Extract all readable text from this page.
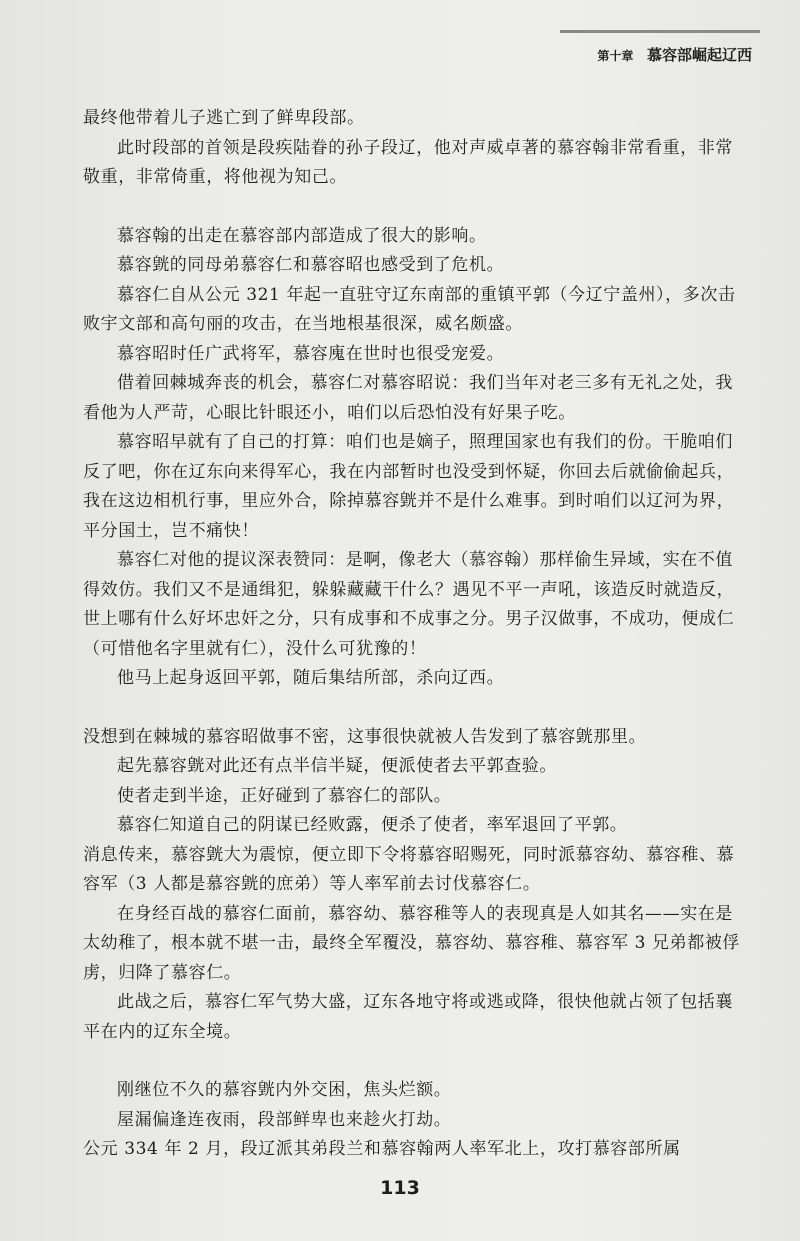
第十章 慕容部崛起辽西

最终他带着儿子逃亡到了鲜卑段部。

此时段部的首领是段疾陆眷的孙子段辽，他对声威卓著的慕容翰非常看重，非常敬重，非常倚重，将他视为知己。

慕容翰的出走在慕容部内部造成了很大的影响。

慕容皝的同母弟慕容仁和慕容昭也感受到了危机。

慕容仁自从公元 321 年起一直驻守辽东南部的重镇平郭（今辽宁盖州），多次击败宇文部和高句丽的攻击，在当地根基很深，威名颇盛。

慕容昭时任广武将军，慕容廆在世时也很受宠爱。

借着回棘城奔丧的机会，慕容仁对慕容昭说：我们当年对老三多有无礼之处，我看他为人严苛，心眼比针眼还小，咱们以后恐怕没有好果子吃。

慕容昭早就有了自己的打算：咱们也是嫡子，照理国家也有我们的份。干脆咱们反了吧，你在辽东向来得军心，我在内部暂时也没受到怀疑，你回去后就偷偷起兵，我在这边相机行事，里应外合，除掉慕容皝并不是什么难事。到时咱们以辽河为界，平分国土，岂不痛快！

慕容仁对他的提议深表赞同：是啊，像老大（慕容翰）那样偷生异域，实在不值得效仿。我们又不是通缉犯，躲躲藏藏干什么？遇见不平一声吼，该造反时就造反，世上哪有什么好坏忠奸之分，只有成事和不成事之分。男子汉做事，不成功，便成仁（可惜他名字里就有仁），没什么可犹豫的！

他马上起身返回平郭，随后集结所部，杀向辽西。

没想到在棘城的慕容昭做事不密，这事很快就被人告发到了慕容皝那里。

起先慕容皝对此还有点半信半疑，便派使者去平郭查验。

使者走到半途，正好碰到了慕容仁的部队。

慕容仁知道自己的阴谋已经败露，便杀了使者，率军退回了平郭。

消息传来，慕容皝大为震惊，便立即下令将慕容昭赐死，同时派慕容幼、慕容稚、慕容军（3 人都是慕容皝的庶弟）等人率军前去讨伐慕容仁。

在身经百战的慕容仁面前，慕容幼、慕容稚等人的表现真是人如其名——实在是太幼稚了，根本就不堪一击，最终全军覆没，慕容幼、慕容稚、慕容军 3 兄弟都被俘虏，归降了慕容仁。

此战之后，慕容仁军气势大盛，辽东各地守将或逃或降，很快他就占领了包括襄平在内的辽东全境。

刚继位不久的慕容皝内外交困，焦头烂额。

屋漏偏逢连夜雨，段部鲜卑也来趁火打劫。

公元 334 年 2 月，段辽派其弟段兰和慕容翰两人率军北上，攻打慕容部所属

113
